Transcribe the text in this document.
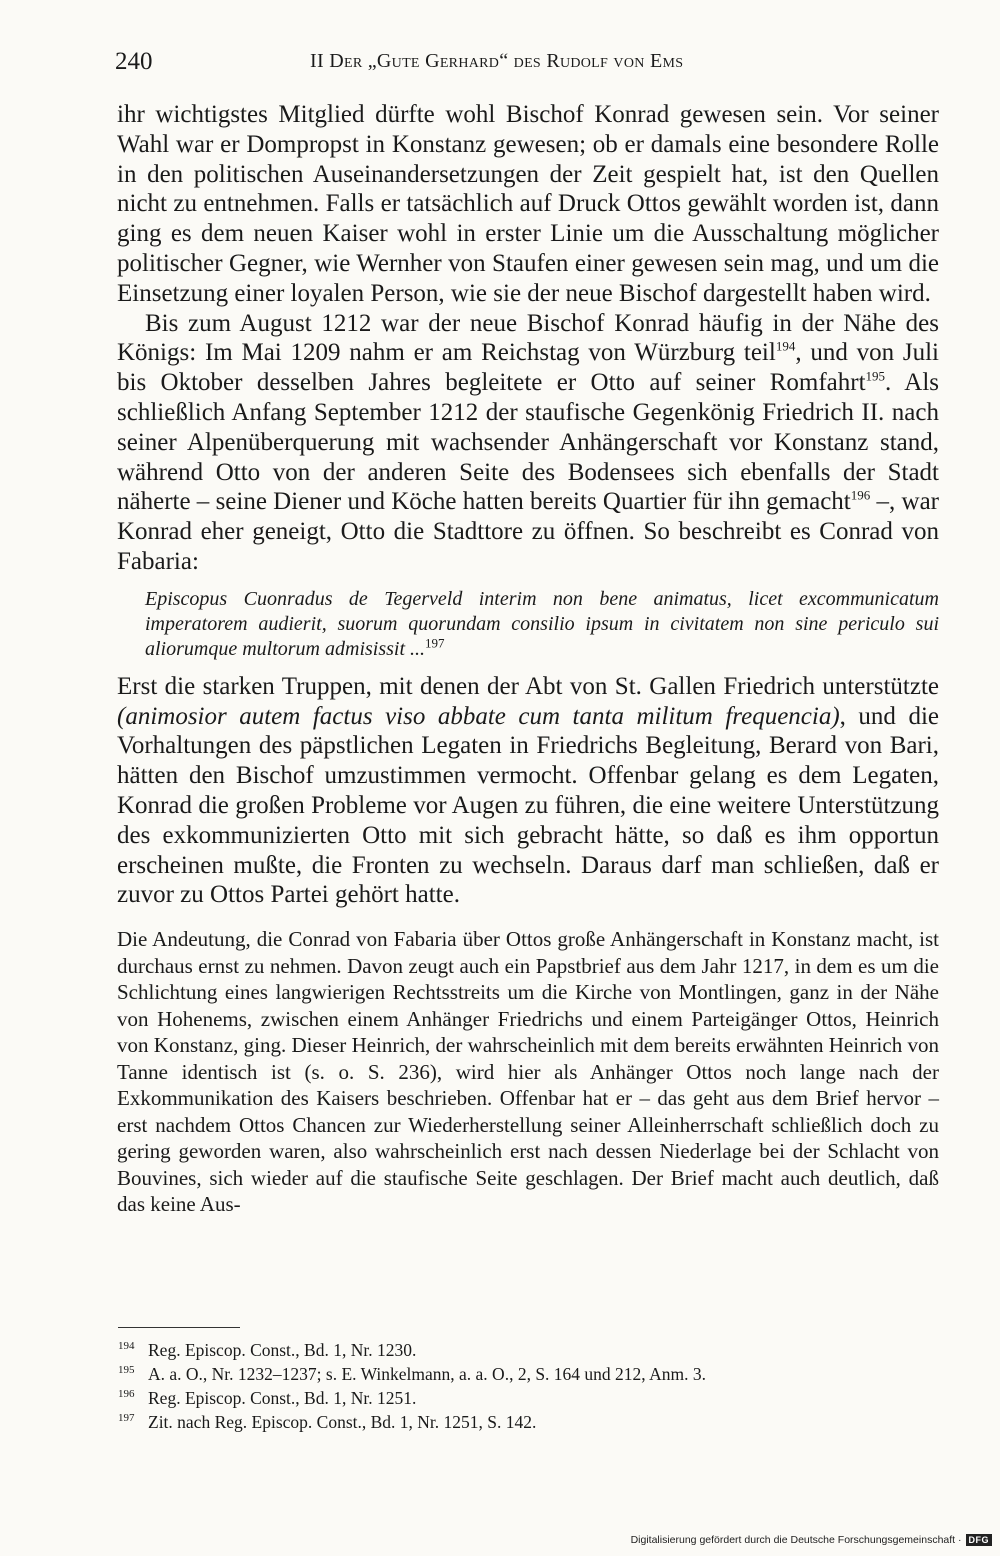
240	II Der „Gute Gerhard“ des Rudolf von Ems

ihr wichtigstes Mitglied dürfte wohl Bischof Konrad gewesen sein. Vor seiner Wahl war er Dompropst in Konstanz gewesen; ob er damals eine besondere Rolle in den politischen Auseinandersetzungen der Zeit gespielt hat, ist den Quellen nicht zu entnehmen. Falls er tatsächlich auf Druck Ottos gewählt worden ist, dann ging es dem neuen Kaiser wohl in erster Linie um die Ausschaltung möglicher politischer Gegner, wie Wernher von Staufen einer gewesen sein mag, und um die Einsetzung einer loyalen Person, wie sie der neue Bischof dargestellt haben wird.

Bis zum August 1212 war der neue Bischof Konrad häufig in der Nähe des Königs: Im Mai 1209 nahm er am Reichstag von Würzburg teil$^{194}$, und von Juli bis Oktober desselben Jahres begleitete er Otto auf seiner Romfahrt$^{195}$. Als schließlich Anfang September 1212 der staufische Gegenkönig Friedrich II. nach seiner Alpenüberquerung mit wachsender Anhängerschaft vor Konstanz stand, während Otto von der anderen Seite des Bodensees sich ebenfalls der Stadt näherte – seine Diener und Köche hatten bereits Quartier für ihn gemacht$^{196}$ –, war Konrad eher geneigt, Otto die Stadttore zu öffnen. So beschreibt es Conrad von Fabaria:

Episcopus Cuonradus de Tegerveld interim non bene animatus, licet excommunicatum imperatorem audierit, suorum quorundam consilio ipsum in civitatem non sine periculo sui aliorumque multorum admisissit ...$^{197}$

Erst die starken Truppen, mit denen der Abt von St. Gallen Friedrich unterstützte (animosior autem factus viso abbate cum tanta militum frequencia), und die Vorhaltungen des päpstlichen Legaten in Friedrichs Begleitung, Berard von Bari, hätten den Bischof umzustimmen vermocht. Offenbar gelang es dem Legaten, Konrad die großen Probleme vor Augen zu führen, die eine weitere Unterstützung des exkommunizierten Otto mit sich gebracht hätte, so daß es ihm opportun erscheinen mußte, die Fronten zu wechseln. Daraus darf man schließen, daß er zuvor zu Ottos Partei gehört hatte.

Die Andeutung, die Conrad von Fabaria über Ottos große Anhängerschaft in Konstanz macht, ist durchaus ernst zu nehmen. Davon zeugt auch ein Papstbrief aus dem Jahr 1217, in dem es um die Schlichtung eines langwierigen Rechtsstreits um die Kirche von Montlingen, ganz in der Nähe von Hohenems, zwischen einem Anhänger Friedrichs und einem Parteigänger Ottos, Heinrich von Konstanz, ging. Dieser Heinrich, der wahrscheinlich mit dem bereits erwähnten Heinrich von Tanne identisch ist (s. o. S. 236), wird hier als Anhänger Ottos noch lange nach der Exkommunikation des Kaisers beschrieben. Offenbar hat er – das geht aus dem Brief hervor – erst nachdem Ottos Chancen zur Wiederherstellung seiner Alleinherrschaft schließlich doch zu gering geworden waren, also wahrscheinlich erst nach dessen Niederlage bei der Schlacht von Bouvines, sich wieder auf die staufische Seite geschlagen. Der Brief macht auch deutlich, daß das keine Aus-

194 Reg. Episcop. Const., Bd. 1, Nr. 1230.
195 A. a. O., Nr. 1232–1237; s. E. Winkelmann, a. a. O., 2, S. 164 und 212, Anm. 3.
196 Reg. Episcop. Const., Bd. 1, Nr. 1251.
197 Zit. nach Reg. Episcop. Const., Bd. 1, Nr. 1251, S. 142.
Digitalisierung gefördert durch die Deutsche Forschungsgemeinschaft · DFG
